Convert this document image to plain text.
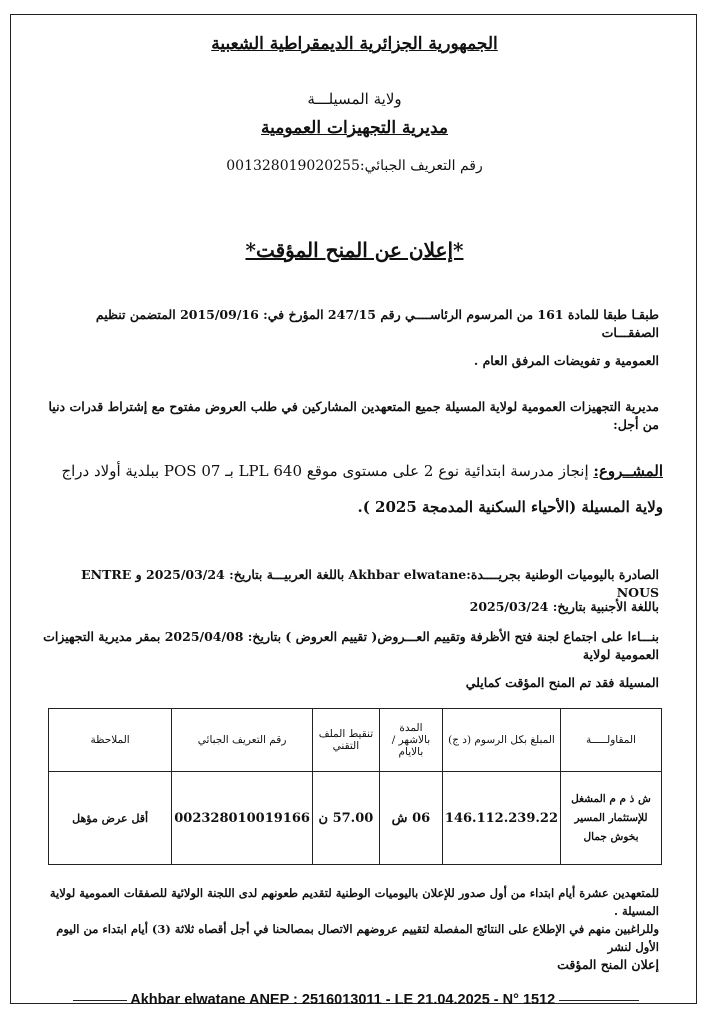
الجمهورية الجزائرية الديمقراطية الشعبية
ولاية المسيلـــة
مديرية التجهيزات العمومية
رقم التعريف الجبائي:001328019020255
*إعلان عن المنح المؤقت*
طبقـا طبقا للمادة 161 من المرسوم الرئاســــي رقم 247/15 المؤرخ في: 2015/09/16 المتضمن تنظيم الصفقـــات
العمومية و تفويضات المرفق العام .
مديرية التجهيزات العمومية لولاية المسيلة جميع المتعهدين المشاركين في طلب العروض مفتوح مع إشتراط قدرات دنيا من أجل:
المشــروع: إنجاز مدرسة ابتدائية نوع 2 على مستوى موقع 640 LPL بـ POS 07 ببلدية أولاد دراج
ولاية المسيلة (الأحياء السكنية المدمجة 2025 ).
الصادرة باليوميات الوطنية بجريــــدة:Akhbar elwatane باللغة العربيـــة بتاريخ: 2025/03/24 و ENTRE NOUS
باللغة الأجنبية بتاريخ: 2025/03/24
بنـــاءا على اجتماع لجنة فتح الأظرفة وتقييم العـــروض( تقييم العروض ) بتاريخ: 2025/04/08 بمقر مديرية التجهيزات العمومية لولاية
المسيلة فقد تم المنح المؤقت كمايلي
المقاولـــــة	المبلغ بكل الرسوم (د ج)	المدة بالاشهر / بالايام	تنقيط الملف التقني	رقم التعريف الجبائي	الملاحظة
ش ذ م م المشغل للإستثمار المسير بخوش جمال	146.112.239.22	06 ش	57.00 ن	002328010019166	أقل عرض مؤهل
للمتعهدين عشرة أيام ابتداء من أول صدور للإعلان باليوميات الوطنية لتقديم طعونهم لدى اللجنة الولائية للصفقات العمومية لولاية المسيلة .
وللراغبين منهم في الإطلاع على النتائج المفصلة لتقييم عروضهم الاتصال بمصالحنا في أجل أقصاه ثلاثة (3) أيام ابتداء من اليوم الأول لنشر
إعلان المنح المؤقت
Akhbar elwatane ANEP : 2516013011 - LE 21.04.2025 - N° 1512
